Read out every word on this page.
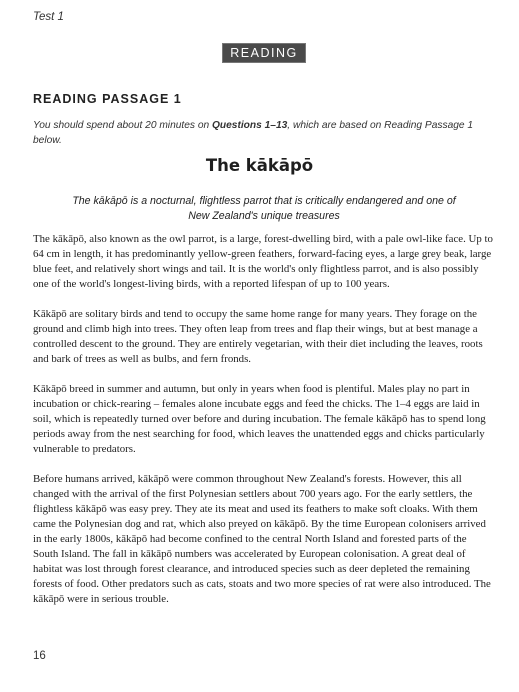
Test 1
READING
READING PASSAGE 1
You should spend about 20 minutes on Questions 1–13, which are based on Reading Passage 1 below.
The kākāpō
The kākāpō is a nocturnal, flightless parrot that is critically endangered and one of New Zealand's unique treasures

The kākāpō, also known as the owl parrot, is a large, forest-dwelling bird, with a pale owl-like face. Up to 64 cm in length, it has predominantly yellow-green feathers, forward-facing eyes, a large grey beak, large blue feet, and relatively short wings and tail. It is the world's only flightless parrot, and is also possibly one of the world's longest-living birds, with a reported lifespan of up to 100 years.

Kākāpō are solitary birds and tend to occupy the same home range for many years. They forage on the ground and climb high into trees. They often leap from trees and flap their wings, but at best manage a controlled descent to the ground. They are entirely vegetarian, with their diet including the leaves, roots and bark of trees as well as bulbs, and fern fronds.

Kākāpō breed in summer and autumn, but only in years when food is plentiful. Males play no part in incubation or chick-rearing – females alone incubate eggs and feed the chicks. The 1–4 eggs are laid in soil, which is repeatedly turned over before and during incubation. The female kākāpō has to spend long periods away from the nest searching for food, which leaves the unattended eggs and chicks particularly vulnerable to predators.

Before humans arrived, kākāpō were common throughout New Zealand's forests. However, this all changed with the arrival of the first Polynesian settlers about 700 years ago. For the early settlers, the flightless kākāpō was easy prey. They ate its meat and used its feathers to make soft cloaks. With them came the Polynesian dog and rat, which also preyed on kākāpō. By the time European colonisers arrived in the early 1800s, kākāpō had become confined to the central North Island and forested parts of the South Island. The fall in kākāpō numbers was accelerated by European colonisation. A great deal of habitat was lost through forest clearance, and introduced species such as deer depleted the remaining forests of food. Other predators such as cats, stoats and two more species of rat were also introduced. The kākāpō were in serious trouble.

16
